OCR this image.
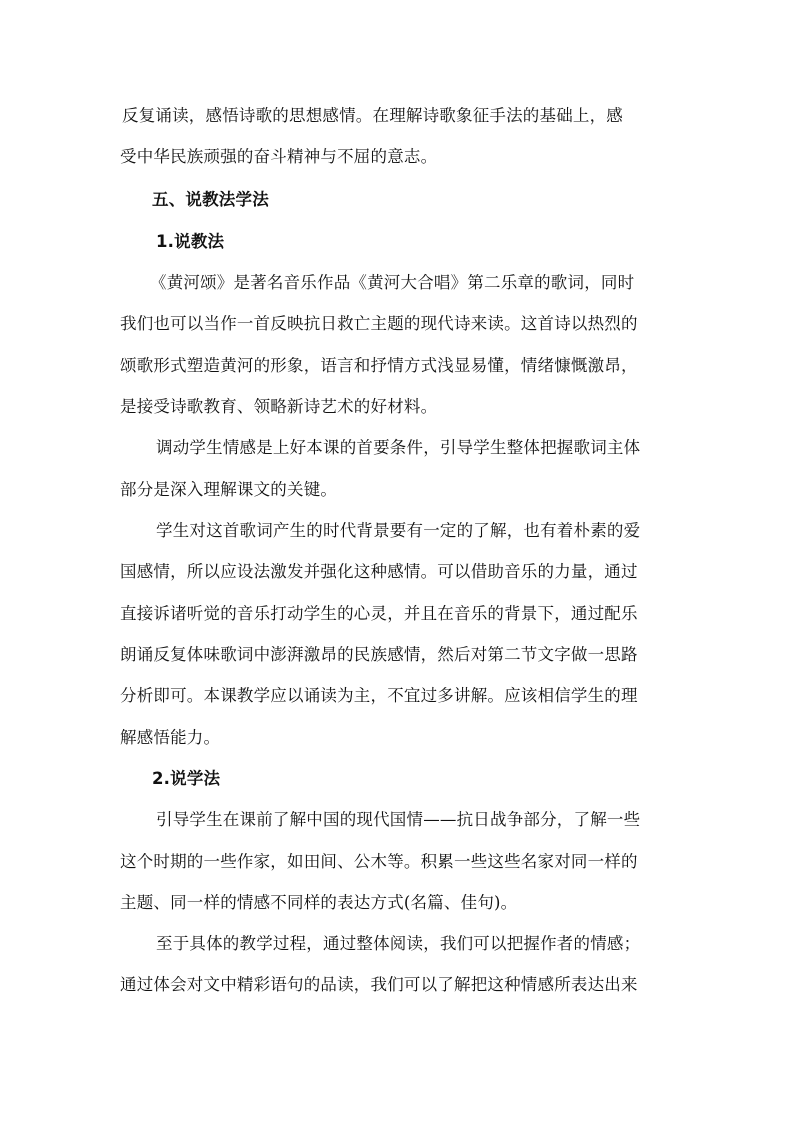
反复诵读，感悟诗歌的思想感情。在理解诗歌象征手法的基础上，感
受中华民族顽强的奋斗精神与不屈的意志。
五、说教法学法
1.说教法
《黄河颂》是著名音乐作品《黄河大合唱》第二乐章的歌词，同时
我们也可以当作一首反映抗日救亡主题的现代诗来读。这首诗以热烈的
颂歌形式塑造黄河的形象，语言和抒情方式浅显易懂，情绪慷慨激昂，
是接受诗歌教育、领略新诗艺术的好材料。
调动学生情感是上好本课的首要条件，引导学生整体把握歌词主体
部分是深入理解课文的关键。
学生对这首歌词产生的时代背景要有一定的了解，也有着朴素的爱
国感情，所以应设法激发并强化这种感情。可以借助音乐的力量，通过
直接诉诸听觉的音乐打动学生的心灵，并且在音乐的背景下，通过配乐
朗诵反复体味歌词中澎湃激昂的民族感情，然后对第二节文字做一思路
分析即可。本课教学应以诵读为主，不宜过多讲解。应该相信学生的理
解感悟能力。
2.说学法
引导学生在课前了解中国的现代国情——抗日战争部分，了解一些
这个时期的一些作家，如田间、公木等。积累一些这些名家对同一样的
主题、同一样的情感不同样的表达方式(名篇、佳句)。
至于具体的教学过程，通过整体阅读，我们可以把握作者的情感；
通过体会对文中精彩语句的品读，我们可以了解把这种情感所表达出来
